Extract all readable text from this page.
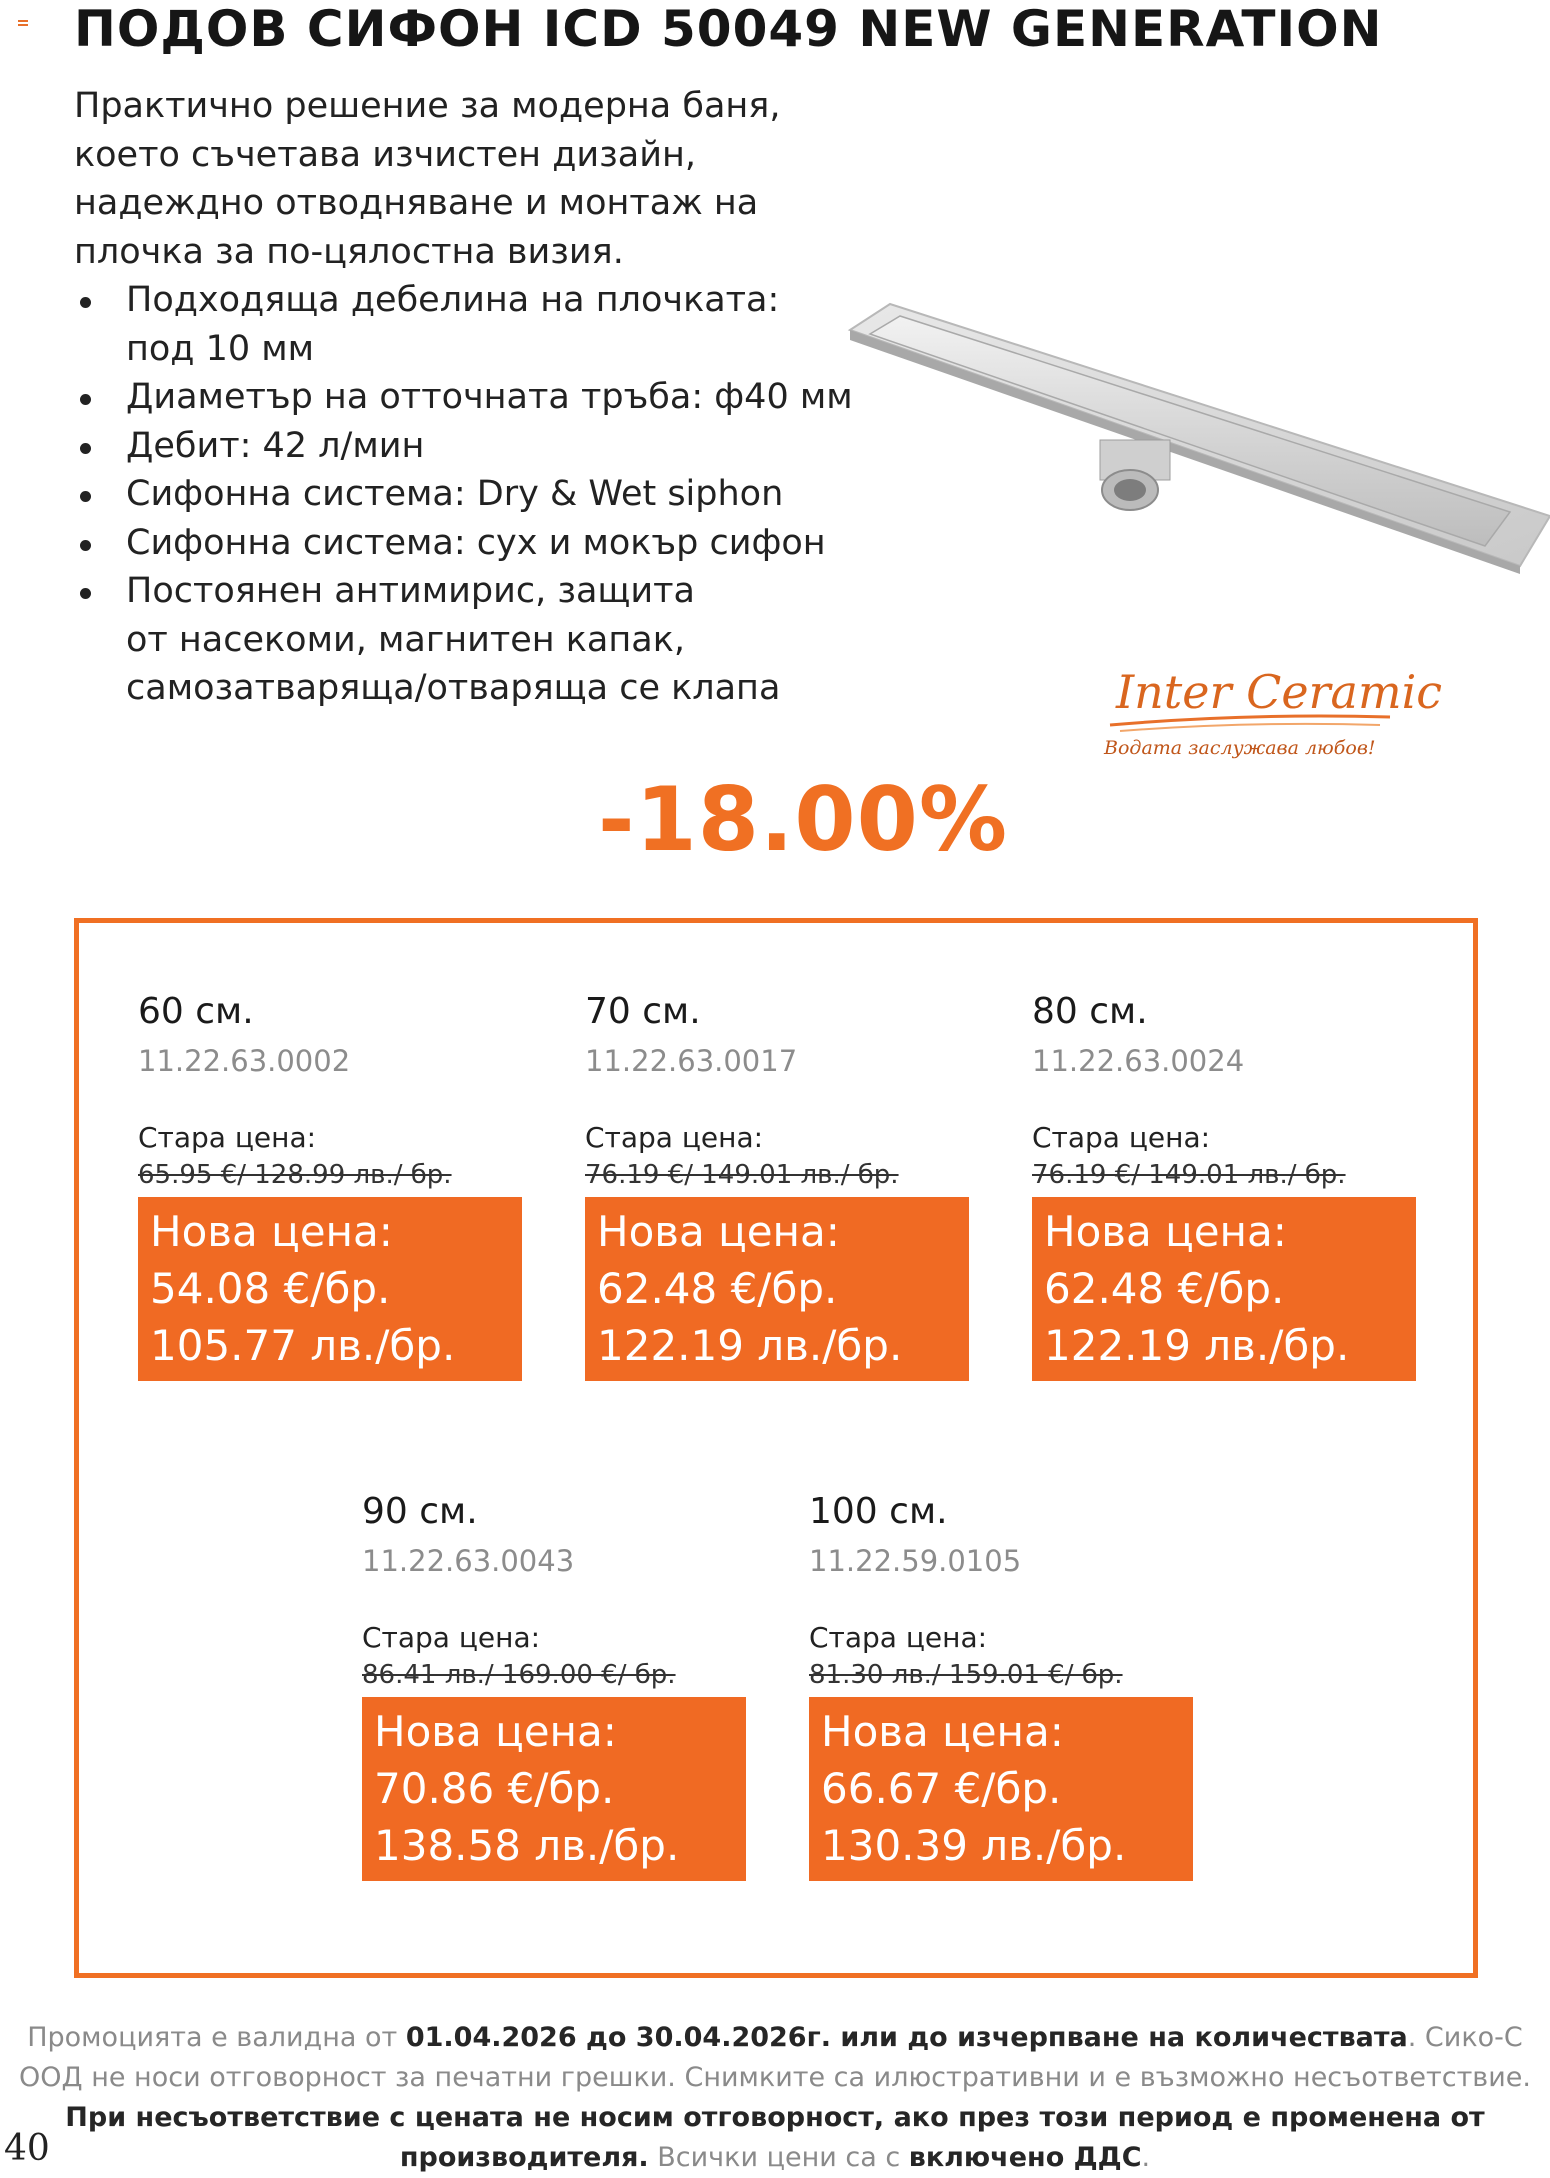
ПОДОВ СИФОН ICD 50049 NEW GENERATION
Практично решение за модерна баня,
което съчетава изчистен дизайн,
надеждно отводняване и монтаж на
плочка за по-цялостна визия.
Подходяща дебелина на плочката:
под 10 мм
Диаметър на отточната тръба: ф40 мм
Дебит: 42 л/мин
Сифонна система: Dry & Wet siphon
Сифонна система: сух и мокър сифон
Постоянен антимирис, защита
от насекоми, магнитен капак,
самозатваряща/отваряща се клапа	Inter Ceramic
Водата заслужава любов!
-18.00%
60 см.
11.22.63.0002
Стара цена:
65.95 €/ 128.99 лв./ бр.
Нова цена:
54.08 €/бр.
105.77 лв./бр.
70 см.
11.22.63.0017
Стара цена:
76.19 €/ 149.01 лв./ бр.
Нова цена:
62.48 €/бр.
122.19 лв./бр.
80 см.
11.22.63.0024
Стара цена:
76.19 €/ 149.01 лв./ бр.
Нова цена:
62.48 €/бр.
122.19 лв./бр.
90 см.
11.22.63.0043
Стара цена:
86.41 лв./ 169.00 €/ бр.
Нова цена:
70.86 €/бр.
138.58 лв./бр.
100 см.
11.22.59.0105
Стара цена:
81.30 лв./ 159.01 €/ бр.
Нова цена:
66.67 €/бр.
130.39 лв./бр.
Промоцията е валидна от 01.04.2026 до 30.04.2026г. или до изчерпване на количествата. Сико-С ООД не носи отговорност за печатни грешки. Снимките са илюстративни и е възможно несъответствие. При несъответствие с цената не носим отговорност, ако през този период е променена от производителя. Всички цени са с включено ДДС.
40
